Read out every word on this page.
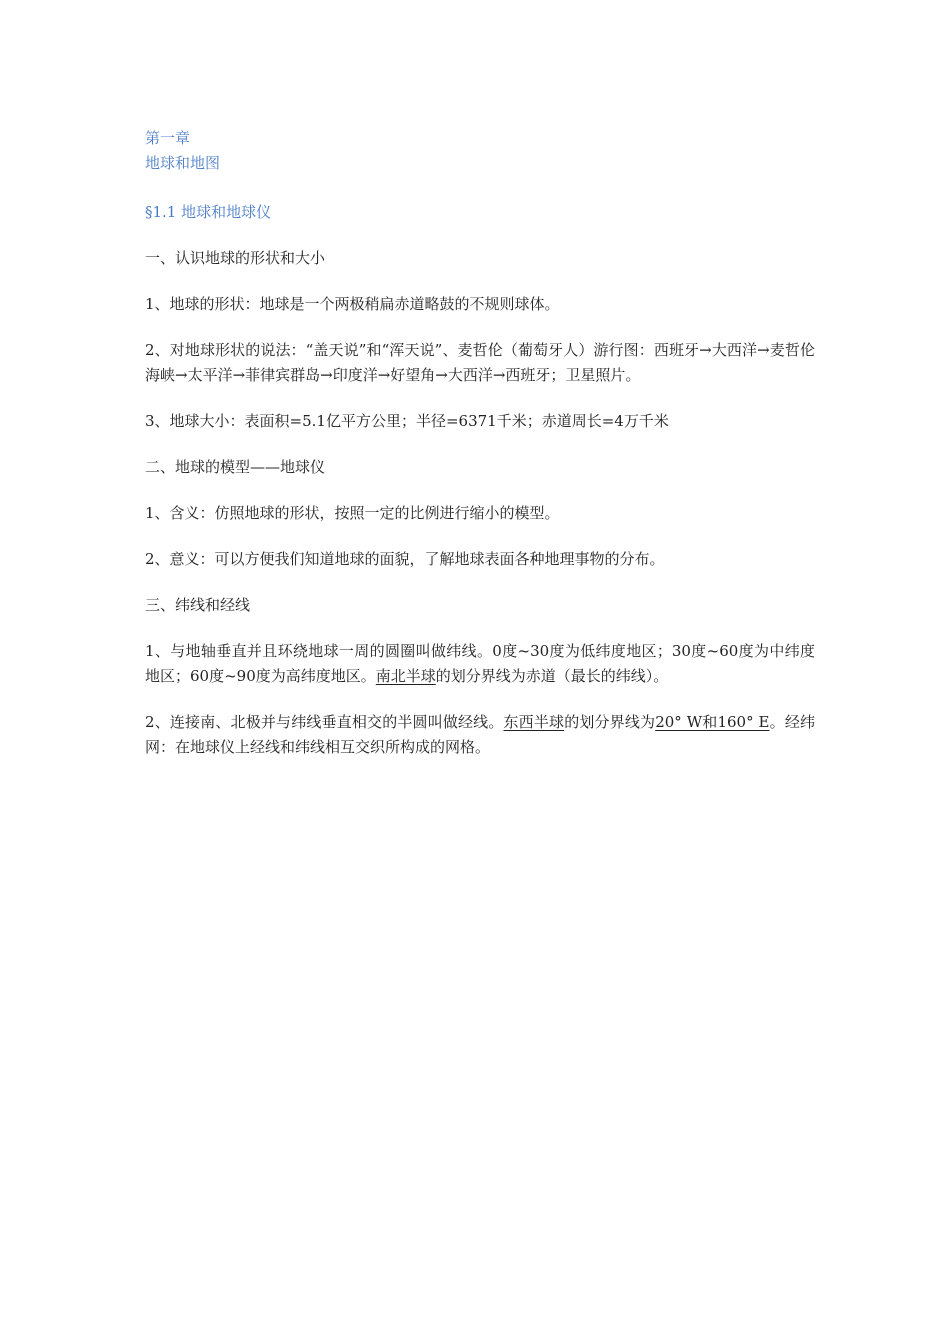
第一章

地球和地图

§1.1 地球和地球仪

一、认识地球的形状和大小

1、地球的形状：地球是一个两极稍扁赤道略鼓的不规则球体。

2、对地球形状的说法：“盖天说”和“浑天说”、麦哲伦（葡萄牙人）游行图：西班牙→大西洋→麦哲伦海峡→太平洋→菲律宾群岛→印度洋→好望角→大西洋→西班牙；卫星照片。

3、地球大小：表面积=5.1亿平方公里；半径=6371千米；赤道周长=4万千米

二、地球的模型——地球仪

1、含义：仿照地球的形状，按照一定的比例进行缩小的模型。

2、意义：可以方便我们知道地球的面貌，了解地球表面各种地理事物的分布。

三、纬线和经线

1、与地轴垂直并且环绕地球一周的圆圈叫做纬线。0度~30度为低纬度地区；30度~60度为中纬度地区；60度~90度为高纬度地区。南北半球的划分界线为赤道（最长的纬线）。

2、连接南、北极并与纬线垂直相交的半圆叫做经线。东西半球的划分界线为20° W和160° E。经纬网：在地球仪上经线和纬线相互交织所构成的网格。
